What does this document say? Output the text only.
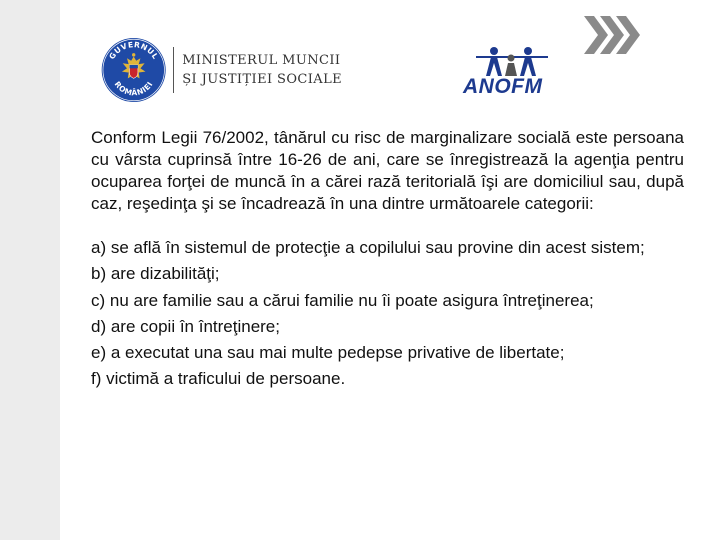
GUVERNUL
ROMÂNIEI
MINISTERUL MUNCII
ȘI JUSTIȚIEI SOCIALE	ANOFM

Conform Legii 76/2002, tânărul cu risc de marginalizare socială este persoana cu vârsta cuprinsă între 16-26 de ani, care se înregistrează la agenţia pentru ocuparea forţei de muncă în a cărei rază teritorială îşi are domiciliul sau, după caz, reşedinţa şi se încadrează în una dintre următoarele categorii:

a) se află în sistemul de protecţie a copilului sau provine din acest sistem;
b) are dizabilităţi;
c) nu are familie sau a cărui familie nu îi poate asigura întreţinerea;
d) are copii în întreţinere;
e) a executat una sau mai multe pedepse privative de libertate;
f) victimă a traficului de persoane.
